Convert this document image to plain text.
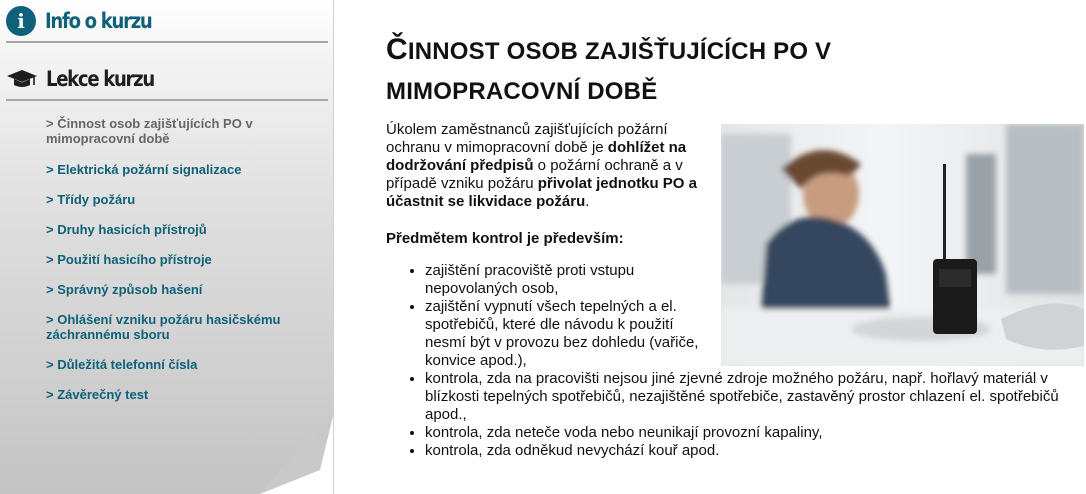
i Info o kurzu
Lekce kurzu
> Činnost osob zajišťujících PO v mimopracovní době
> Elektrická požární signalizace
> Třídy požáru
> Druhy hasicích přístrojů
> Použití hasicího přístroje
> Správný způsob hašení
> Ohlášení vzniku požáru hasičskému záchrannému sboru
> Důležitá telefonní čísla
> Závěrečný test
ČINNOST OSOB ZAJIŠŤUJÍCÍCH PO V
MIMOPRACOVNÍ DOBĚ

Úkolem zaměstnanců zajišťujících požární ochranu v mimopracovní době je dohlížet na dodržování předpisů o požární ochraně a v případě vzniku požáru přivolat jednotku PO a účastnit se likvidace požáru.

Předmětem kontrol je především:

• zajištění pracoviště proti vstupu nepovolaných osob,
• zajištění vypnutí všech tepelných a el. spotřebičů, které dle návodu k použití nesmí být v provozu bez dohledu (vařiče, konvice apod.),
• kontrola, zda na pracovišti nejsou jiné zjevné zdroje možného požáru, např. hořlavý materiál v blízkosti tepelných spotřebičů, nezajištěné spotřebiče, zastavěný prostor chlazení el. spotřebičů apod.,
• kontrola, zda neteče voda nebo neunikají provozní kapaliny,
• kontrola, zda odněkud nevychází kouř apod.
